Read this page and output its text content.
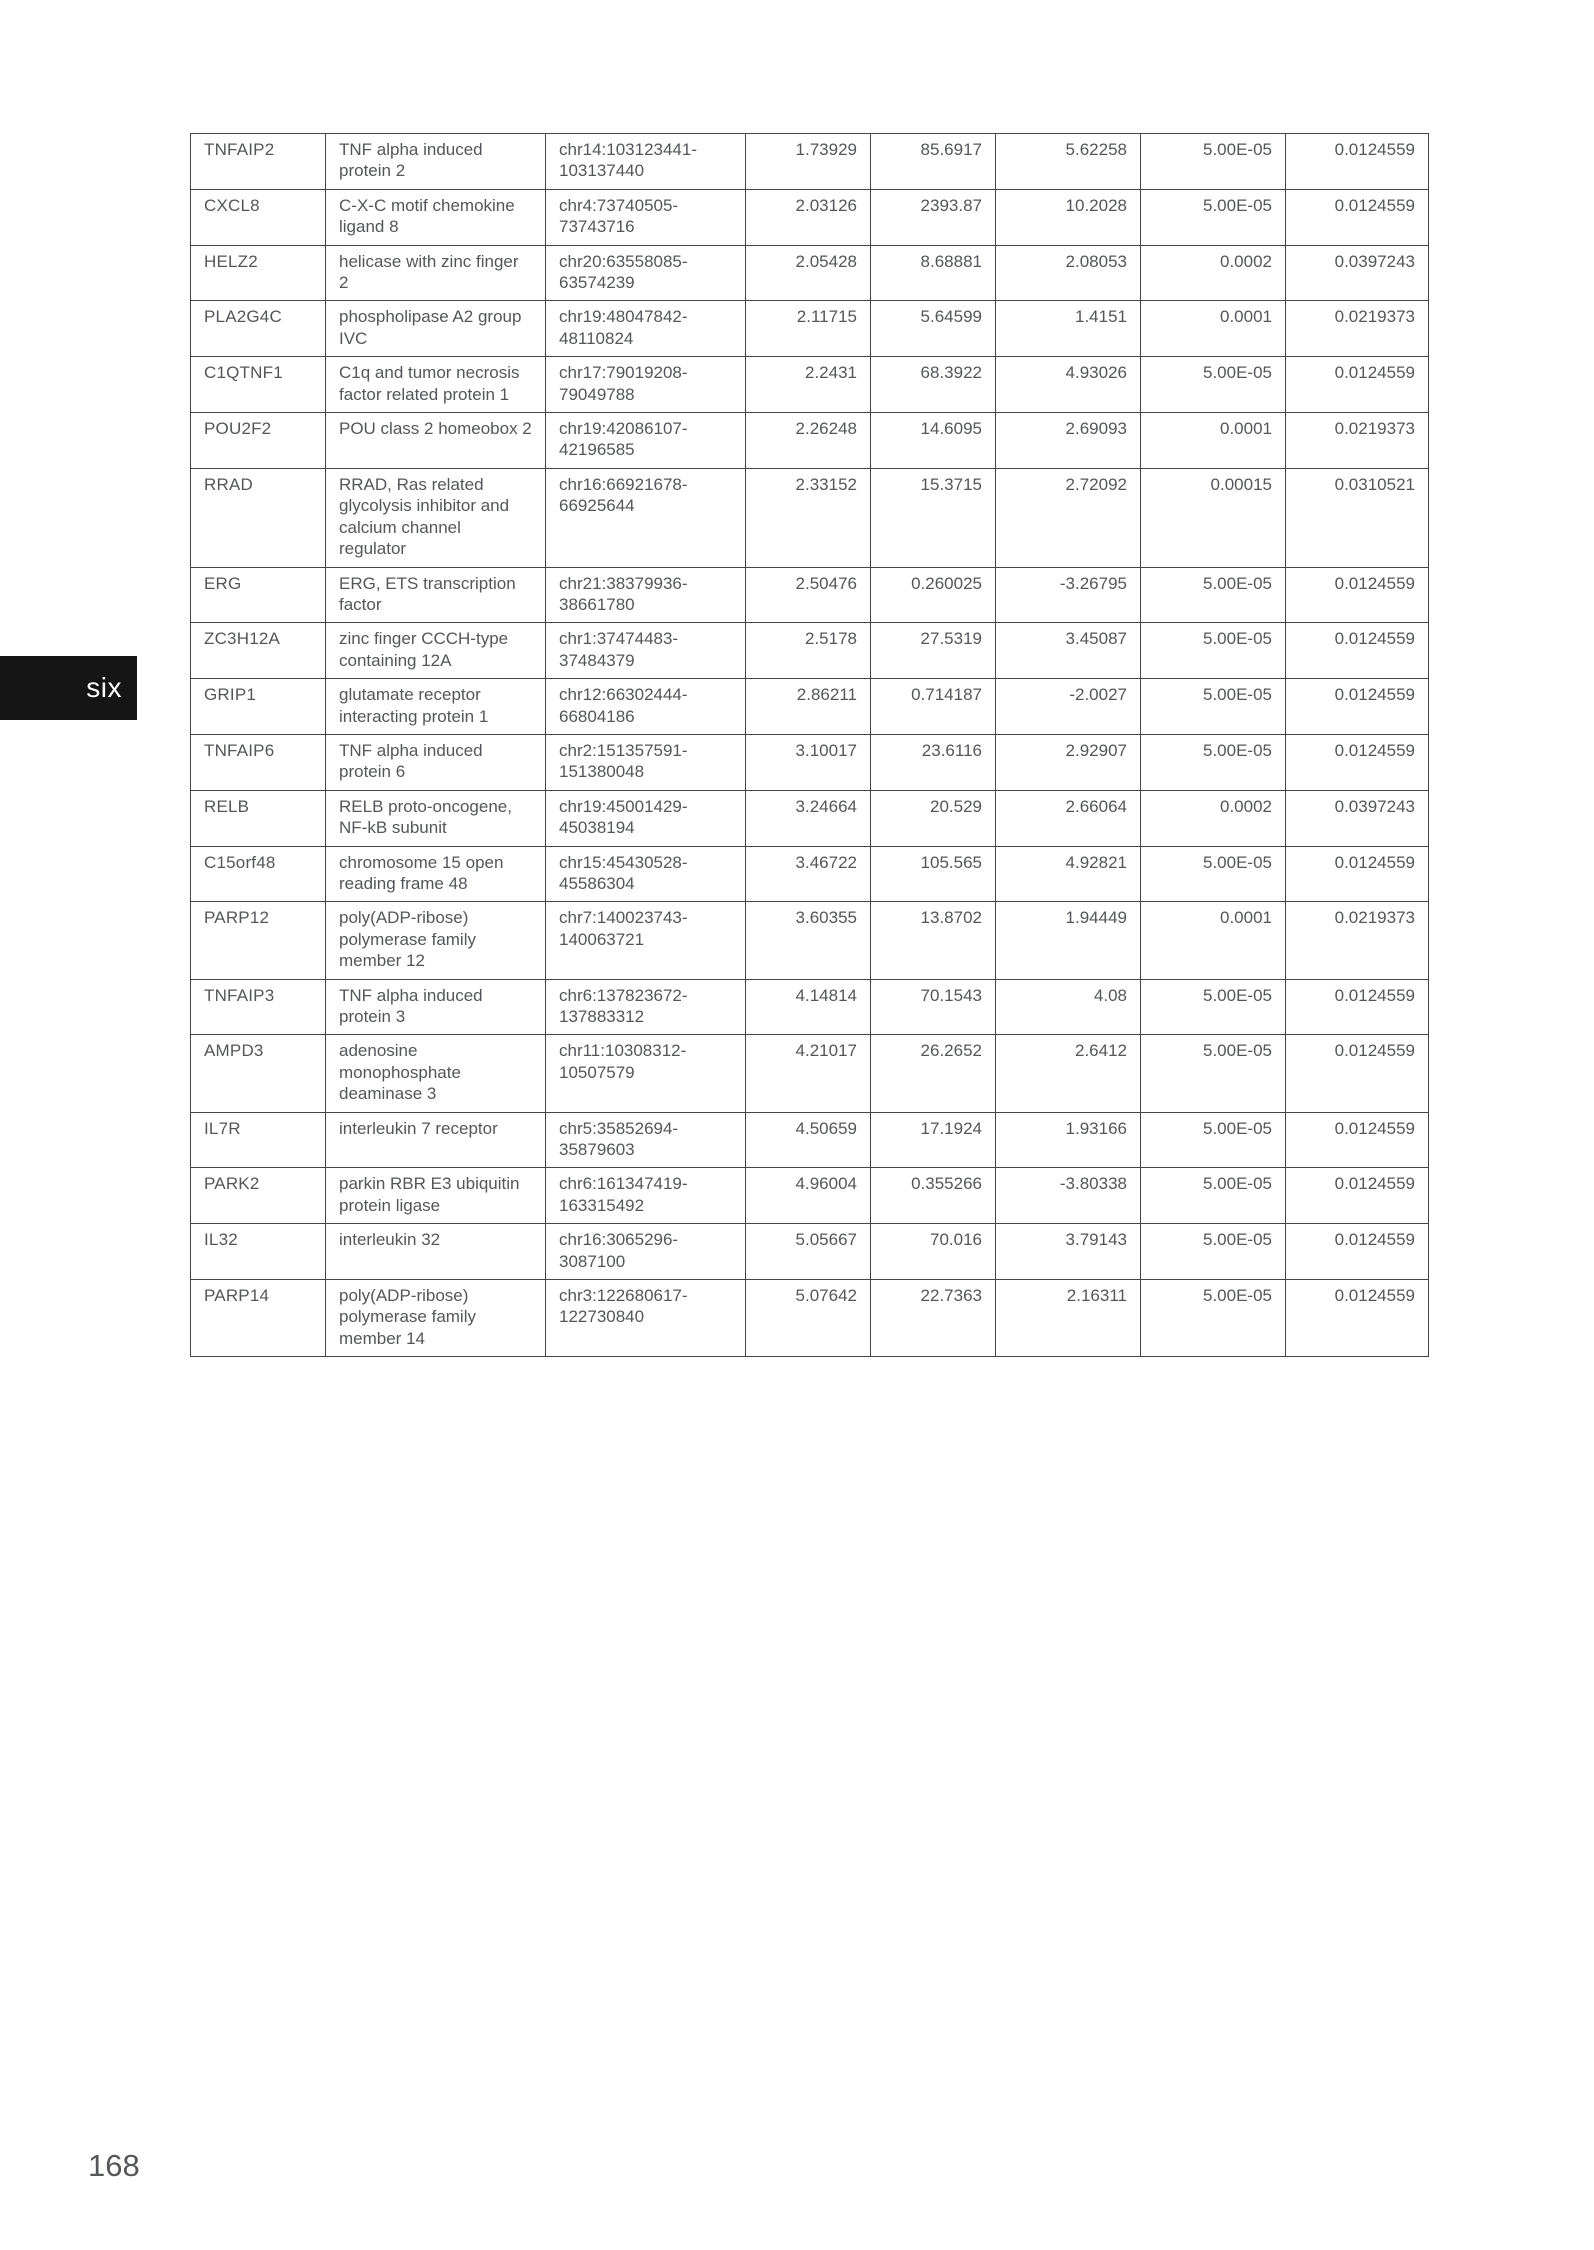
six
TNFAIP2	TNF alpha induced protein 2	chr14:103123441-103137440	1.73929	85.6917	5.62258	5.00E-05	0.0124559
CXCL8	C-X-C motif chemokine ligand 8	chr4:73740505-73743716	2.03126	2393.87	10.2028	5.00E-05	0.0124559
HELZ2	helicase with zinc finger 2	chr20:63558085-63574239	2.05428	8.68881	2.08053	0.0002	0.0397243
PLA2G4C	phospholipase A2 group IVC	chr19:48047842-48110824	2.11715	5.64599	1.4151	0.0001	0.0219373
C1QTNF1	C1q and tumor necrosis factor related protein 1	chr17:79019208-79049788	2.2431	68.3922	4.93026	5.00E-05	0.0124559
POU2F2	POU class 2 homeobox 2	chr19:42086107-42196585	2.26248	14.6095	2.69093	0.0001	0.0219373
RRAD	RRAD, Ras related glycolysis inhibitor and calcium channel regulator	chr16:66921678-66925644	2.33152	15.3715	2.72092	0.00015	0.0310521
ERG	ERG, ETS transcription factor	chr21:38379936-38661780	2.50476	0.260025	-3.26795	5.00E-05	0.0124559
ZC3H12A	zinc finger CCCH-type containing 12A	chr1:37474483-37484379	2.5178	27.5319	3.45087	5.00E-05	0.0124559
GRIP1	glutamate receptor interacting protein 1	chr12:66302444-66804186	2.86211	0.714187	-2.0027	5.00E-05	0.0124559
TNFAIP6	TNF alpha induced protein 6	chr2:151357591-151380048	3.10017	23.6116	2.92907	5.00E-05	0.0124559
RELB	RELB proto-oncogene, NF-kB subunit	chr19:45001429-45038194	3.24664	20.529	2.66064	0.0002	0.0397243
C15orf48	chromosome 15 open reading frame 48	chr15:45430528-45586304	3.46722	105.565	4.92821	5.00E-05	0.0124559
PARP12	poly(ADP-ribose) polymerase family member 12	chr7:140023743-140063721	3.60355	13.8702	1.94449	0.0001	0.0219373
TNFAIP3	TNF alpha induced protein 3	chr6:137823672-137883312	4.14814	70.1543	4.08	5.00E-05	0.0124559
AMPD3	adenosine monophosphate deaminase 3	chr11:10308312-10507579	4.21017	26.2652	2.6412	5.00E-05	0.0124559
IL7R	interleukin 7 receptor	chr5:35852694-35879603	4.50659	17.1924	1.93166	5.00E-05	0.0124559
PARK2	parkin RBR E3 ubiquitin protein ligase	chr6:161347419-163315492	4.96004	0.355266	-3.80338	5.00E-05	0.0124559
IL32	interleukin 32	chr16:3065296-3087100	5.05667	70.016	3.79143	5.00E-05	0.0124559
PARP14	poly(ADP-ribose) polymerase family member 14	chr3:122680617-122730840	5.07642	22.7363	2.16311	5.00E-05	0.0124559
168
